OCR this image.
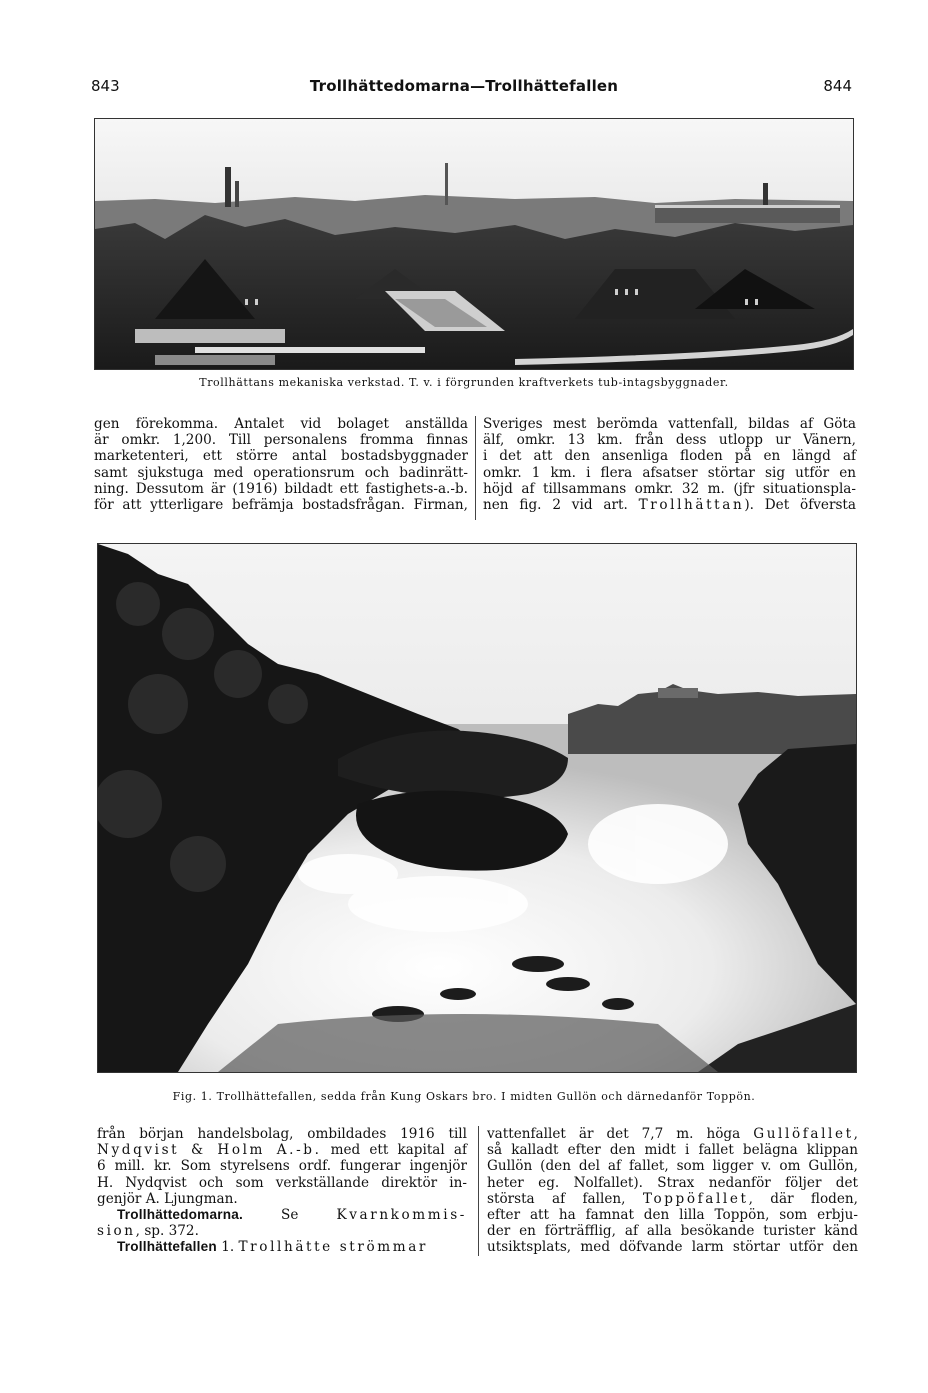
843	Trollhättedomarna—Trollhättefallen	844
Trollhättans mekaniska verkstad. T. v. i förgrunden kraftverkets tub-intagsbyggnader.
gen förekomma. Antalet vid bolaget anställda
är omkr. 1,200. Till personalens fromma finnas
marketenteri, ett större antal bostadsbyggnader
samt sjukstuga med operationsrum och badinrätt-
ning. Dessutom är (1916) bildadt ett fastighets-a.-b.
för att ytterligare befrämja bostadsfrågan. Firman,
Sveriges mest berömda vattenfall, bildas af Göta
älf, omkr. 13 km. från dess utlopp ur Vänern,
i det att den ansenliga floden på en längd af
omkr. 1 km. i flera afsatser störtar sig utför en
höjd af tillsammans omkr. 32 m. (jfr situationspla-
nen fig. 2 vid art. Trollhättan). Det öfversta
Fig. 1. Trollhättefallen, sedda från Kung Oskars bro. I midten Gullön och därnedanför Toppön.
från början handelsbolag, ombildades 1916 till
Nydqvist & Holm A.-b. med ett kapital af
6 mill. kr. Som styrelsens ordf. fungerar ingenjör
H. Nydqvist och som verkställande direktör in-
genjör A. Ljungman.
Trollhättedomarna.	Se	Kvarnkommis-
sion, sp. 372.
Trollhättefallen 1. Trollhätte strömmar
vattenfallet är det 7,7 m. höga Gullöfallet,
så kalladt efter den midt i fallet belägna klippan
Gullön (den del af fallet, som ligger v. om Gullön,
heter eg. Nolfallet). Strax nedanför följer det
största af fallen, Toppöfallet, där floden,
efter att ha famnat den lilla Toppön, som erbju-
der en förträfflig, af alla besökande turister känd
utsiktsplats, med döfvande larm störtar utför den
